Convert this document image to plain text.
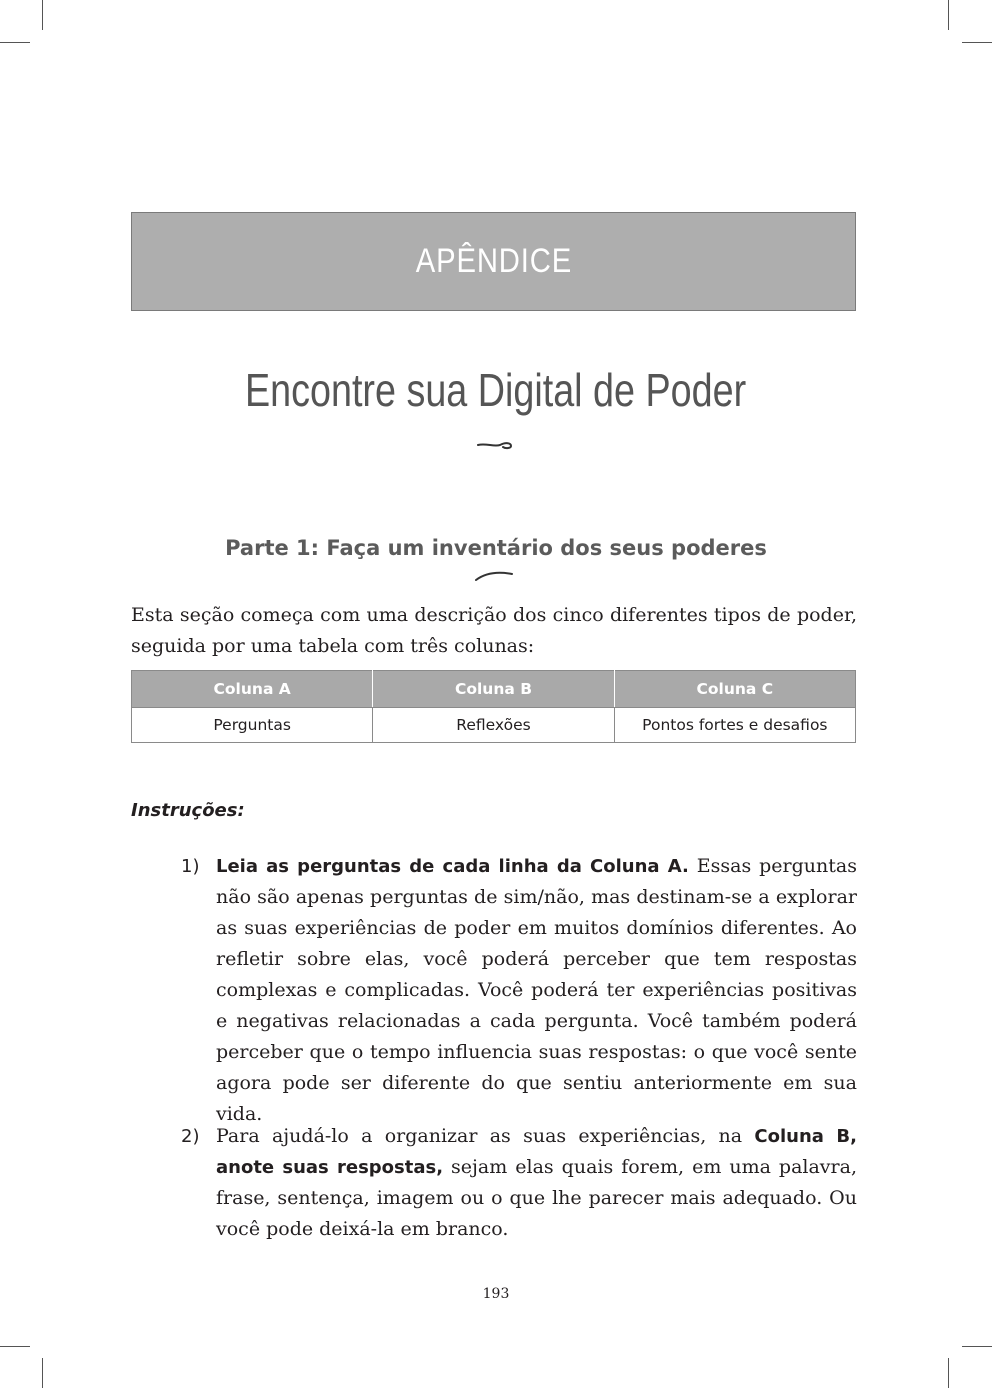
APÊNDICE
Encontre sua Digital de Poder
Parte 1: Faça um inventário dos seus poderes
Esta seção começa com uma descrição dos cinco diferentes tipos de poder, seguida por uma tabela com três colunas:
Coluna A	Coluna B	Coluna C
Perguntas	Reflexões	Pontos fortes e desafios
Instruções:
1) Leia as perguntas de cada linha da Coluna A. Essas perguntas não são apenas perguntas de sim/não, mas destinam-se a explorar as suas experiências de poder em muitos domínios diferentes. Ao refletir sobre elas, você poderá perceber que tem respostas complexas e complicadas. Você poderá ter experiências positivas e negativas relacionadas a cada pergunta. Você também poderá perceber que o tempo influencia suas respostas: o que você sente agora pode ser diferente do que sentiu anteriormente em sua vida.
2) Para ajudá-lo a organizar as suas experiências, na Coluna B, anote suas respostas, sejam elas quais forem, em uma palavra, frase, sentença, imagem ou o que lhe parecer mais adequado. Ou você pode deixá-la em branco.
193
